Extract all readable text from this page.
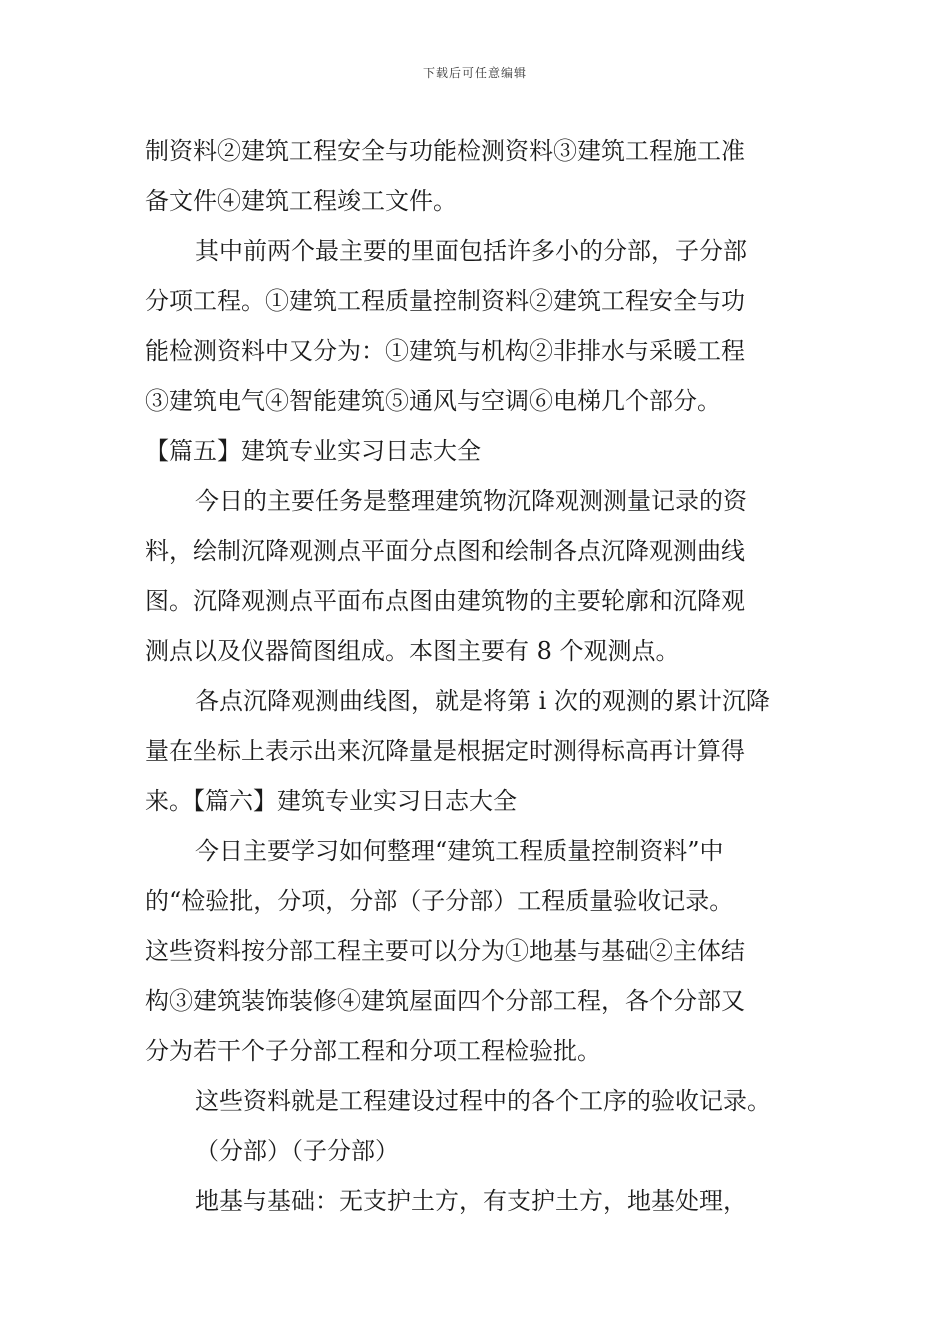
下载后可任意编辑
制资料②建筑工程安全与功能检测资料③建筑工程施工准
备文件④建筑工程竣工文件。
其中前两个最主要的里面包括许多小的分部，子分部
分项工程。①建筑工程质量控制资料②建筑工程安全与功
能检测资料中又分为：①建筑与机构②非排水与采暖工程
③建筑电气④智能建筑⑤通风与空调⑥电梯几个部分。
【篇五】建筑专业实习日志大全
今日的主要任务是整理建筑物沉降观测测量记录的资
料，绘制沉降观测点平面分点图和绘制各点沉降观测曲线
图。沉降观测点平面布点图由建筑物的主要轮廓和沉降观
测点以及仪器简图组成。本图主要有 8 个观测点。
各点沉降观测曲线图，就是将第 i 次的观测的累计沉降
量在坐标上表示出来沉降量是根据定时测得标高再计算得
来。【篇六】建筑专业实习日志大全
今日主要学习如何整理“建筑工程质量控制资料”中
的“检验批，分项，分部（子分部）工程质量验收记录。
这些资料按分部工程主要可以分为①地基与基础②主体结
构③建筑装饰装修④建筑屋面四个分部工程，各个分部又
分为若干个子分部工程和分项工程检验批。
这些资料就是工程建设过程中的各个工序的验收记录。
（分部）（子分部）
地基与基础：无支护土方，有支护土方，地基处理，
